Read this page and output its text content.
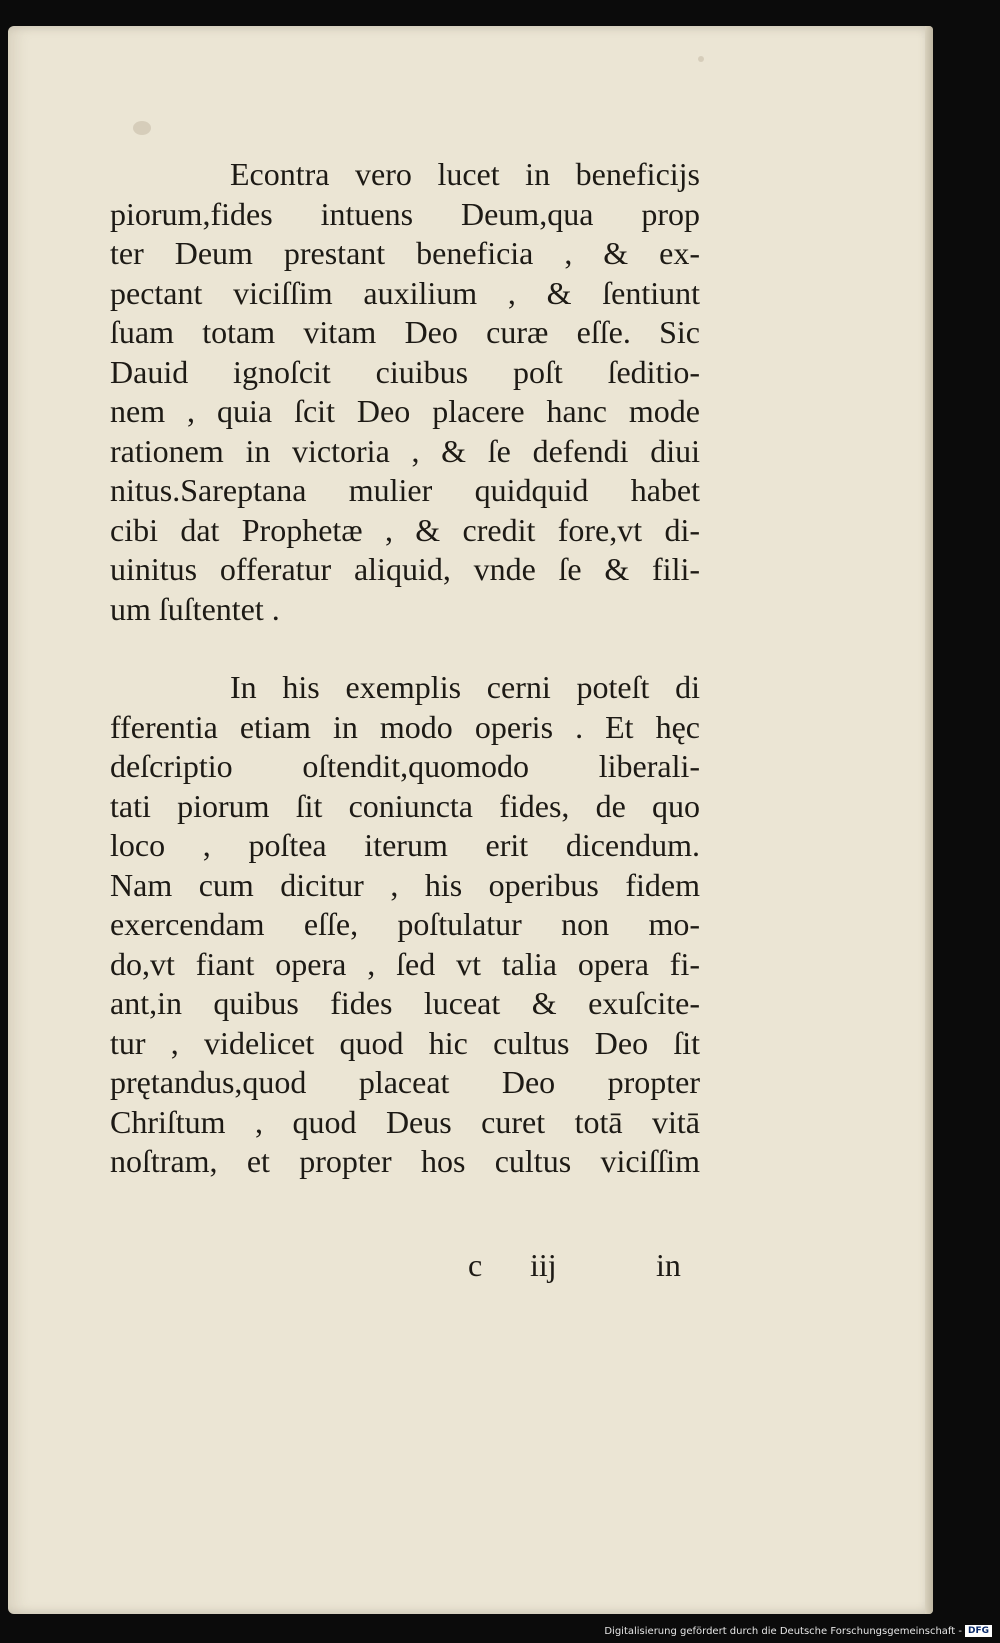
Econtra vero lucet in beneficijs
piorum,fides intuens Deum,qua prop
ter Deum prestant beneficia , & ex-
pectant viciſſim auxilium , & ſentiunt
ſuam totam vitam Deo curæ eſſe. Sic
Dauid ignoſcit ciuibus poſt ſeditio-
nem , quia ſcit Deo placere hanc mode
rationem in victoria , & ſe defendi diui
nitus.Sareptana mulier quidquid habet
cibi dat Prophetæ , & credit fore,vt di-
uinitus offeratur aliquid, vnde ſe & fili-
um ſuſtentet .
In his exemplis cerni poteſt di
fferentia etiam in modo operis . Et hęc
deſcriptio oſtendit,quomodo liberali-
tati piorum ſit coniuncta fides, de quo
loco , poſtea iterum erit dicendum.
Nam cum dicitur , his operibus fidem
exercendam eſſe, poſtulatur non mo-
do,vt fiant opera , ſed vt talia opera fi-
ant,in quibus fides luceat & exuſcite-
tur , videlicet quod hic cultus Deo ſit
prętandus,quod placeat Deo propter
Chriſtum , quod Deus curet totā vitā
noſtram, et propter hos cultus viciſſim
c iij	in
Digitalisierung gefördert durch die Deutsche Forschungsgemeinschaft - DFG
